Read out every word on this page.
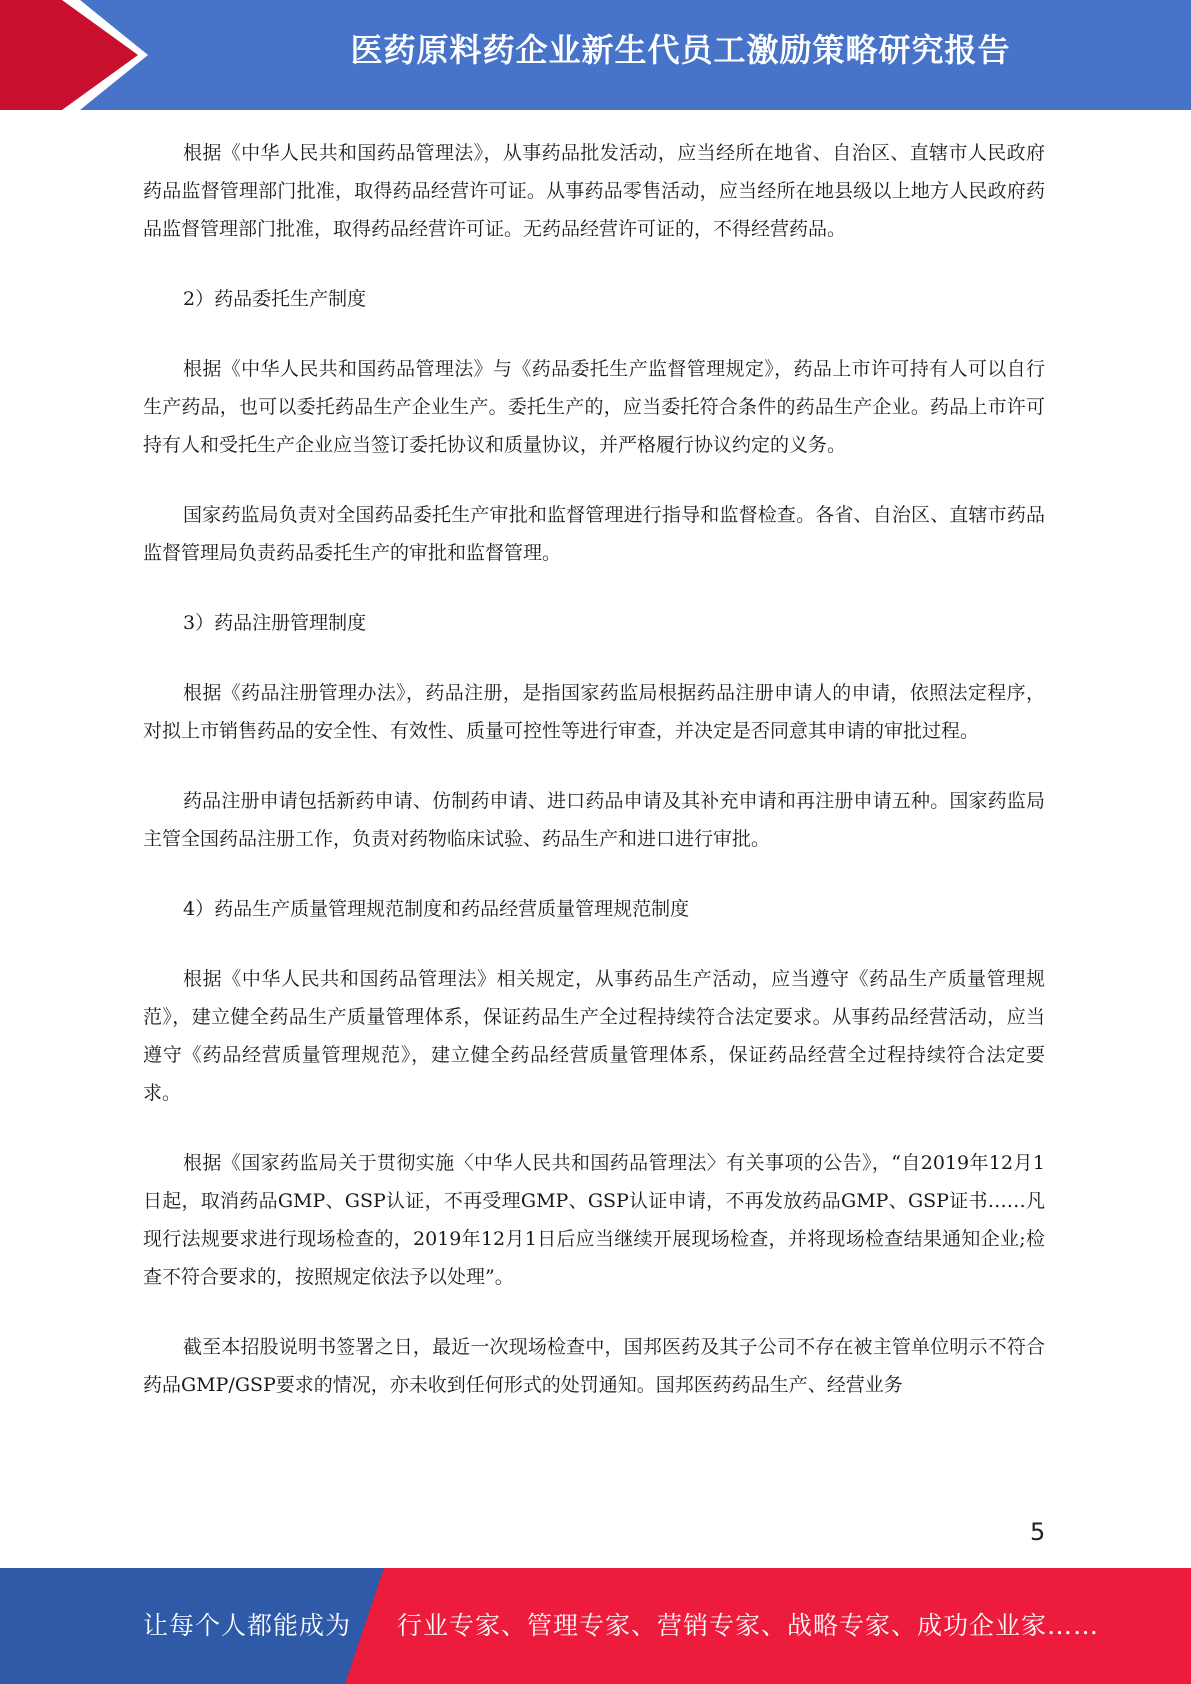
医药原料药企业新生代员工激励策略研究报告

根据《中华人民共和国药品管理法》，从事药品批发活动，应当经所在地省、自治区、直辖市人民政府药品监督管理部门批准，取得药品经营许可证。从事药品零售活动，应当经所在地县级以上地方人民政府药品监督管理部门批准，取得药品经营许可证。无药品经营许可证的，不得经营药品。

2）药品委托生产制度

根据《中华人民共和国药品管理法》与《药品委托生产监督管理规定》，药品上市许可持有人可以自行生产药品，也可以委托药品生产企业生产。委托生产的，应当委托符合条件的药品生产企业。药品上市许可持有人和受托生产企业应当签订委托协议和质量协议，并严格履行协议约定的义务。

国家药监局负责对全国药品委托生产审批和监督管理进行指导和监督检查。各省、自治区、直辖市药品监督管理局负责药品委托生产的审批和监督管理。

3）药品注册管理制度

根据《药品注册管理办法》，药品注册，是指国家药监局根据药品注册申请人的申请，依照法定程序，对拟上市销售药品的安全性、有效性、质量可控性等进行审查，并决定是否同意其申请的审批过程。

药品注册申请包括新药申请、仿制药申请、进口药品申请及其补充申请和再注册申请五种。国家药监局主管全国药品注册工作，负责对药物临床试验、药品生产和进口进行审批。

4）药品生产质量管理规范制度和药品经营质量管理规范制度

根据《中华人民共和国药品管理法》相关规定，从事药品生产活动，应当遵守《药品生产质量管理规范》，建立健全药品生产质量管理体系，保证药品生产全过程持续符合法定要求。从事药品经营活动，应当遵守《药品经营质量管理规范》，建立健全药品经营质量管理体系，保证药品经营全过程持续符合法定要求。

根据《国家药监局关于贯彻实施〈中华人民共和国药品管理法〉有关事项的公告》，“自2019年12月1日起，取消药品GMP、GSP认证，不再受理GMP、GSP认证申请，不再发放药品GMP、GSP证书……凡现行法规要求进行现场检查的，2019年12月1日后应当继续开展现场检查，并将现场检查结果通知企业;检查不符合要求的，按照规定依法予以处理”。

截至本招股说明书签署之日，最近一次现场检查中，国邦医药及其子公司不存在被主管单位明示不符合药品GMP/GSP要求的情况，亦未收到任何形式的处罚通知。国邦医药药品生产、经营业务

5
让每个人都能成为 行业专家、管理专家、营销专家、战略专家、成功企业家……
